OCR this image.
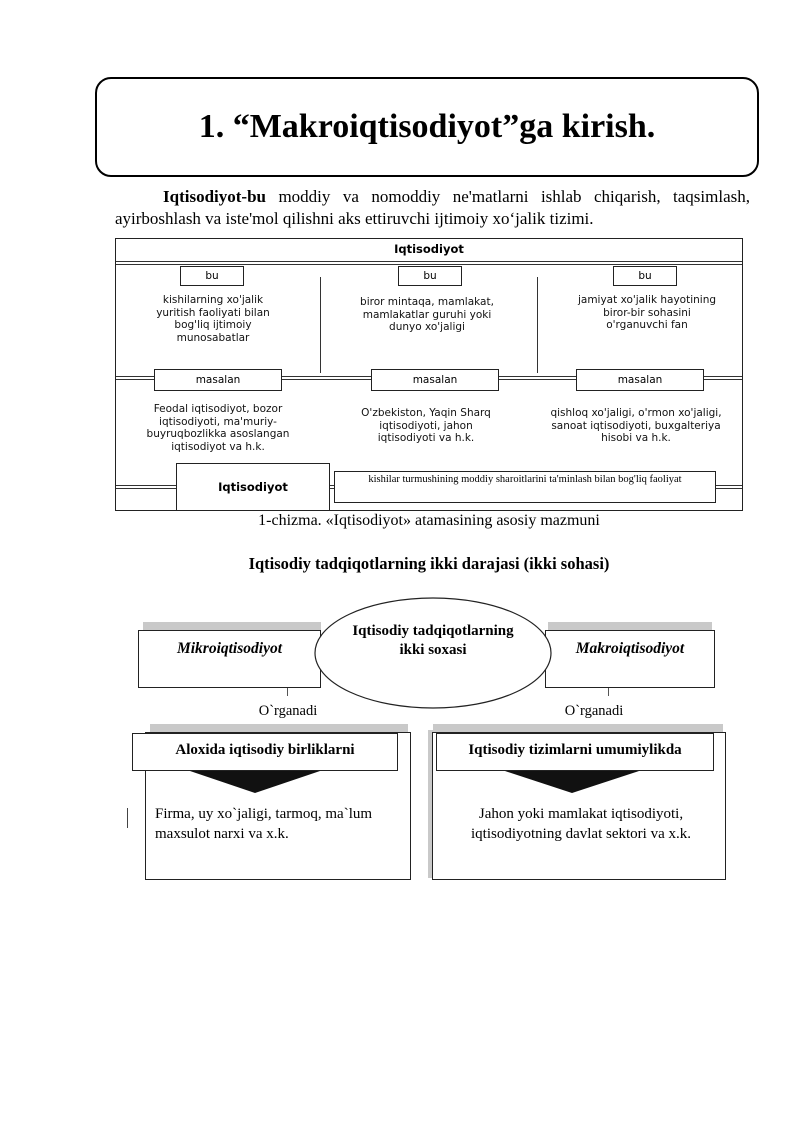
1. “Makroiqtisodiyot”ga kirish.
Iqtisodiyot-bu moddiy va nomoddiy ne'matlarni ishlab chiqarish, taqsimlash, ayirboshlash va iste'mol qilishni aks ettiruvchi ijtimoiy xo‘jalik tizimi.
Iqtisodiyot
bu	bu	bu
kishilarning xo'jalik yuritish faoliyati bilan bog'liq ijtimoiy munosabatlar
biror mintaqa, mamlakat, mamlakatlar guruhi yoki dunyo xo'jaligi
jamiyat xo'jalik hayotining biror-bir sohasini o'rganuvchi fan
masalan	masalan	masalan
Feodal iqtisodiyot, bozor iqtisodiyoti, ma'muriy-buyruqbozlikka asoslangan iqtisodiyot va h.k.
O'zbekiston, Yaqin Sharq iqtisodiyoti, jahon iqtisodiyoti va h.k.
qishloq xo'jaligi, o'rmon xo'jaligi, sanoat iqtisodiyoti, buxgalteriya hisobi va h.k.
Iqtisodiyot
kishilar turmushining moddiy sharoitlarini ta'minlash bilan bog'liq faoliyat
1-chizma. «Iqtisodiyot» atamasining asosiy mazmuni
Iqtisodiy tadqiqotlarning ikki darajasi (ikki sohasi)
Mikroiqtisodiyot	Makroiqtisodiyot
Iqtisodiy tadqiqotlarning ikki soxasi
O`rganadi	O`rganadi
Aloxida iqtisodiy birliklarni	Iqtisodiy tizimlarni umumiylikda
Firma, uy xo`jaligi, tarmoq, ma`lum maxsulot narxi va x.k.
Jahon yoki mamlakat iqtisodiyoti, iqtisodiyotning davlat sektori va x.k.
